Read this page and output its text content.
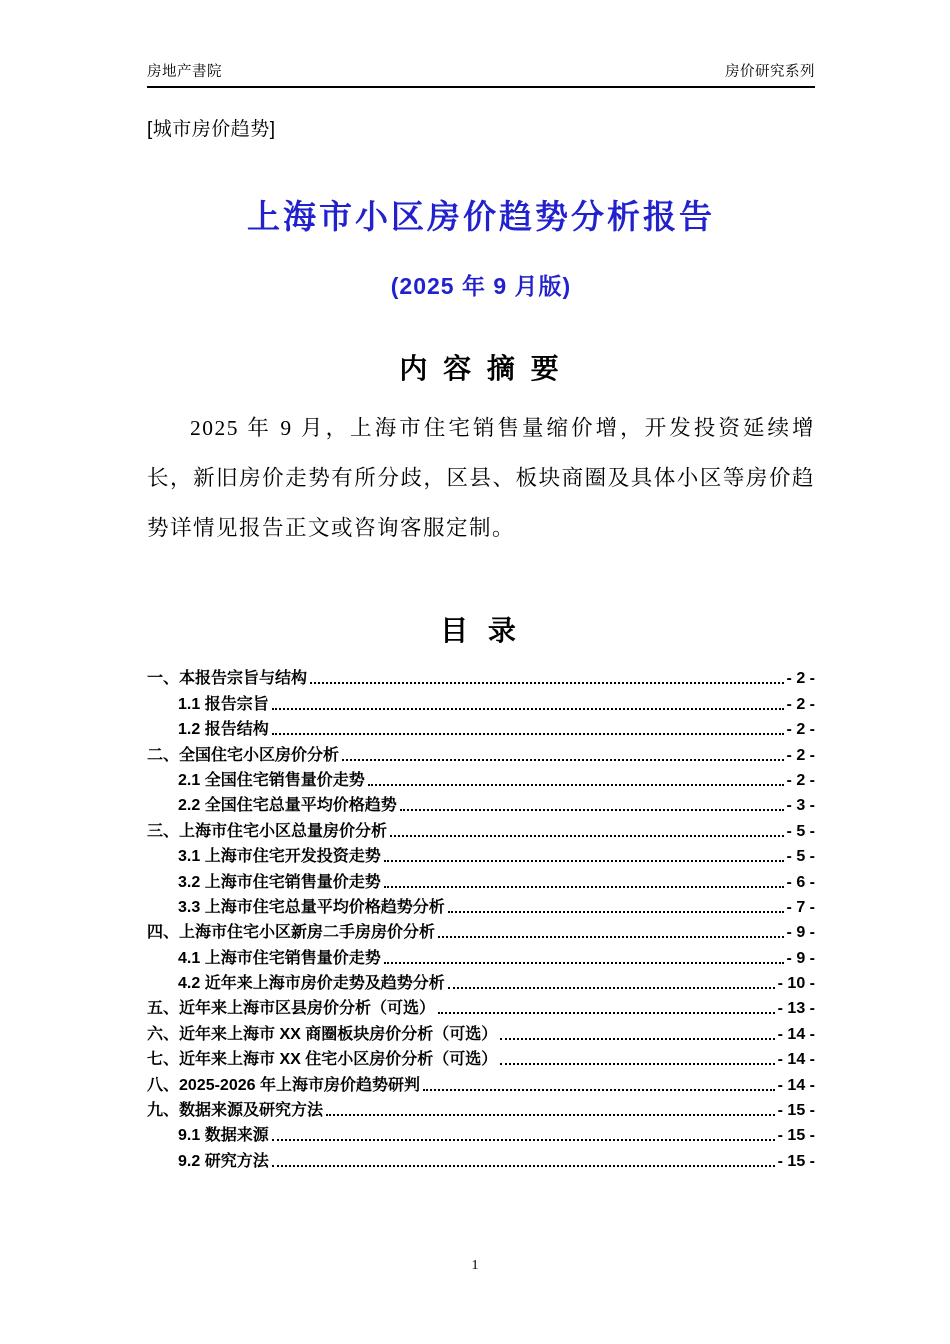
房地产書院	房价研究系列
[城市房价趋势]
上海市小区房价趋势分析报告
(2025 年 9 月版)
内 容 摘 要
2025 年 9 月，上海市住宅销售量缩价增，开发投资延续增长，新旧房价走势有所分歧，区县、板块商圈及具体小区等房价趋势详情见报告正文或咨询客服定制。
目 录
一、本报告宗旨与结构	- 2 -
1.1 报告宗旨	- 2 -
1.2 报告结构	- 2 -
二、全国住宅小区房价分析	- 2 -
2.1 全国住宅销售量价走势	- 2 -
2.2 全国住宅总量平均价格趋势	- 3 -
三、上海市住宅小区总量房价分析	- 5 -
3.1 上海市住宅开发投资走势	- 5 -
3.2 上海市住宅销售量价走势	- 6 -
3.3 上海市住宅总量平均价格趋势分析	- 7 -
四、上海市住宅小区新房二手房房价分析	- 9 -
4.1 上海市住宅销售量价走势	- 9 -
4.2 近年来上海市房价走势及趋势分析	- 10 -
五、近年来上海市区县房价分析（可选）	- 13 -
六、近年来上海市 XX 商圈板块房价分析（可选）	- 14 -
七、近年来上海市 XX 住宅小区房价分析（可选）	- 14 -
八、2025-2026 年上海市房价趋势研判	- 14 -
九、数据来源及研究方法	- 15 -
9.1 数据来源	- 15 -
9.2 研究方法	- 15 -
1
